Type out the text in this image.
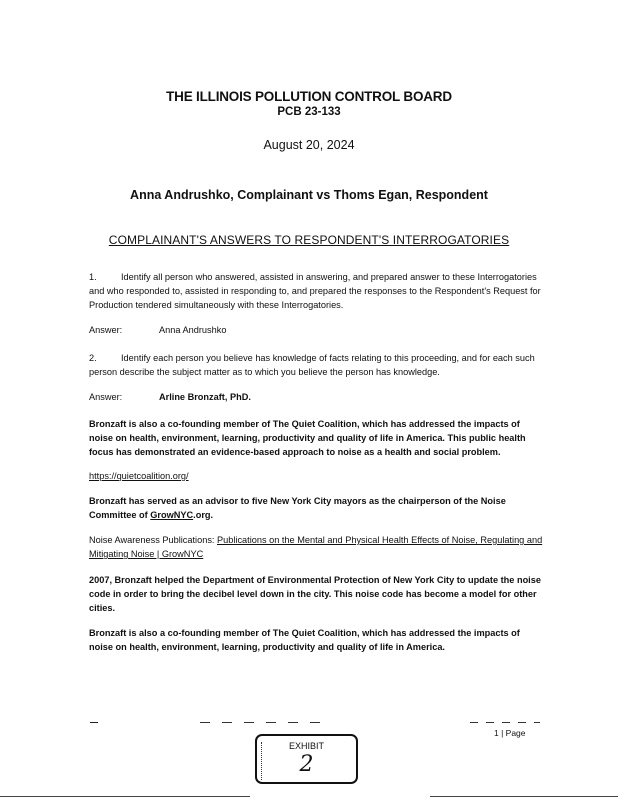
THE ILLINOIS POLLUTION CONTROL BOARD
PCB 23-133
August 20, 2024
Anna Andrushko, Complainant vs Thoms Egan, Respondent
COMPLAINANT'S ANSWERS TO RESPONDENT'S INTERROGATORIES
1.	Identify all person who answered, assisted in answering, and prepared answer to these Interrogatories and who responded to, assisted in responding to, and prepared the responses to the Respondent's Request for Production tendered simultaneously with these Interrogatories.
Answer:	Anna Andrushko
2.	Identify each person you believe has knowledge of facts relating to this proceeding, and for each such person describe the subject matter as to which you believe the person has knowledge.
Answer:	Arline Bronzaft, PhD.
Bronzaft is also a co-founding member of The Quiet Coalition, which has addressed the impacts of noise on health, environment, learning, productivity and quality of life in America. This public health focus has demonstrated an evidence-based approach to noise as a health and social problem.
https://quietcoalition.org/
Bronzaft has served as an advisor to five New York City mayors as the chairperson of the Noise Committee of GrowNYC.org.
Noise Awareness Publications: Publications on the Mental and Physical Health Effects of Noise, Regulating and Mitigating Noise | GrowNYC
2007, Bronzaft helped the Department of Environmental Protection of New York City to update the noise code in order to bring the decibel level down in the city. This noise code has become a model for other cities.
Bronzaft is also a co-founding member of The Quiet Coalition, which has addressed the impacts of noise on health, environment, learning, productivity and quality of life in America.
1 | Page
EXHIBIT
2
